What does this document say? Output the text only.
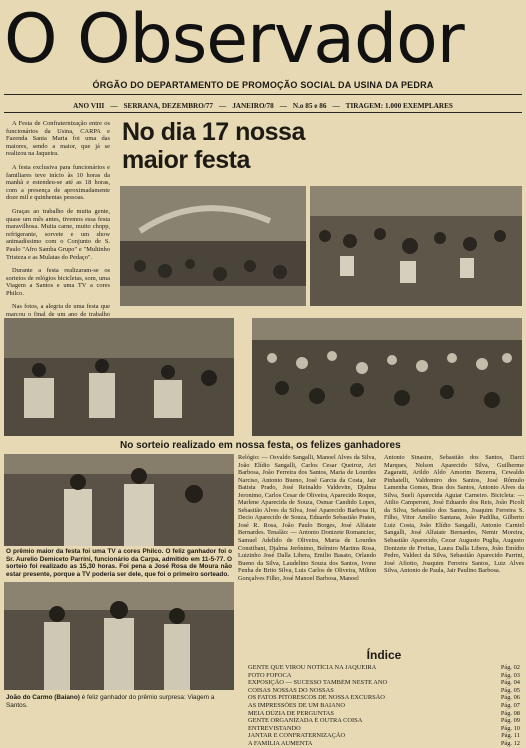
O Observador
ÓRGÃO DO DEPARTAMENTO DE PROMOÇÃO SOCIAL DA USINA DA PEDRA
ANO VIII — SERRANA, DEZEMBRO/77 — JANEIRO/78 — N.o 85 e 86 — TIRAGEM: 1.000 EXEMPLARES

A Festa de Confraternização entre os funcionários da Usina, CARPA e Fazenda Santa Maria foi uma das maiores, sendo a maior, que já se realizou na Jaqueira.

A festa exclusiva para funcionários e familiares teve início às 10 horas da manhã e estendeu-se até as 18 horas, com a presença de aproximadamente doze mil e quinhentas pessoas.

Graças ao trabalho de muita gente, quase um mês antes, tivemos essa festa maravilhosa. Muita carne, muito chopp, refrigerante, sorvete e um show animadíssimo com o Conjunto de S. Paulo "Afro Samba Grupo" e "Multinho Tristeza e as Mulatas do Pedaço".

Durante a festa realizaram-se os sorteios de relógios bicicletas, som, uma Viagem a Santos e uma TV a cores Philco.

Nas fotos, a alegria de uma festa que marcou o final de um ano de trabalho

No dia 17 nossa maior festa
No sorteio realizado em nossa festa, os felizes ganhadores
O prêmio maior da festa foi uma TV a cores Philco. O feliz ganhador foi o Sr. Aurelio Demiceto Parrini, funcionário da Carpa, admitido em 11-5-77. O sorteio foi realizado as 15,30 horas. Foi pena a José Rosa de Moura não estar presente, porque a TV poderia ser dele, que foi o primeiro sorteado.
João do Carmo (Baiano) é feliz ganhador do prêmio surpresa: Viagem a Santos.
Relógio: — Osvaldo Sangalli, Manoel Alves da Silva, João Elídio Sangalli, Carlos Cesar Queiroz, Ari Barbosa, João Ferreira dos Santos, Maria de Lourdes Narciso, Antonio Bueno, José Garcia da Costa, Jair Batista Prado, José Reinaldo Valdevite, Djalma Jeronimo, Carlos Cesar de Oliveira, Aparecido Roque, Marlene Aparecida de Souza, Osmar Candido Lopes, Sebastião Alves da Silva, José Aparecido Barbosa II, Decio Aparecido de Souza, Eduardo Sebastião Prates, José R. Rosa, João Paulo Borges, José Alfaiate Bernardes. Tenalão: — Antonio Donizete Romanciuc, Samuel Adelido de Oliveira, Maria de Lourdes Constibani, Djalma Jerônimo, Belmiro Martins Rosa, Luizinho José Dalla Libera, Emilio Basato, Orlando Bueno da Silva, Laudelino Souza dos Santos, Ivone Fenha de Brito Silva, Luis Carlos de Oliveira, Milton Gonçalves Filho, José Manoel Barbosa, Manoel
Antonio Sinastre, Sebastião dos Santos, Darci Marques, Nelson Aparecido Silva, Guilherme Zagaratti, Arildo Aldo Amorim Bezerra, Cewaldo Pinhatelli, Valdomiro dos Santos, José Rômulo Lamenha Gomes, Bras dos Santos, Antonio Alves da Silva, Sueli Aparecida Aguiar Carneiro. Bicicleta: — Atilio Camperoni, José Eduardo dos Reis, João Picoli da Silva, Sebastião dos Santos, Joaquim Ferreira S. Filho, Vitor Amélio Santana, João Padilha, Gilberto Luiz Costa, João Elídio Sangalli, Antonio Carniel Sangalli, José Alfaiate Bernardes, Nemir Moreira, Sebastião Aparecido, Cezar Augusto Puglia, Augusto Donizete de Freitas, Laura Dalla Libera, João Emídio Pedro, Valdeci da Silva, Sebastião Aparecido Parrini, José Afiotto, Joaquim Ferreira Santos, Luiz Alves Silva, Antonio de Paula, Jair Paulino Barbosa.
Índice
GENTE QUE VIROU NOTÍCIA NA JAQUEIRA	Pág. 02
FOTO FOFOCA	Pág. 03
EXPOSIÇÃO — SUCESSO TAMBÉM NESTE ANO	Pág. 04
COISAS NOSSAS DO NOSSAS	Pág. 05
OS FATOS PITORESCOS DE NOSSA EXCURSÃO	Pág. 06
AS IMPRESSÕES DE UM BAIANO	Pág. 07
MEIA DÚZIA DE PERGUNTAS	Pág. 08
GENTE ORGANIZADA É OUTRA COISA	Pág. 09
ENTREVISTANDO	Pág. 10
JANTAR E CONFRATERNIZAÇÃO	Pág. 11
A FAMÍLIA AUMENTA	Pág. 12
